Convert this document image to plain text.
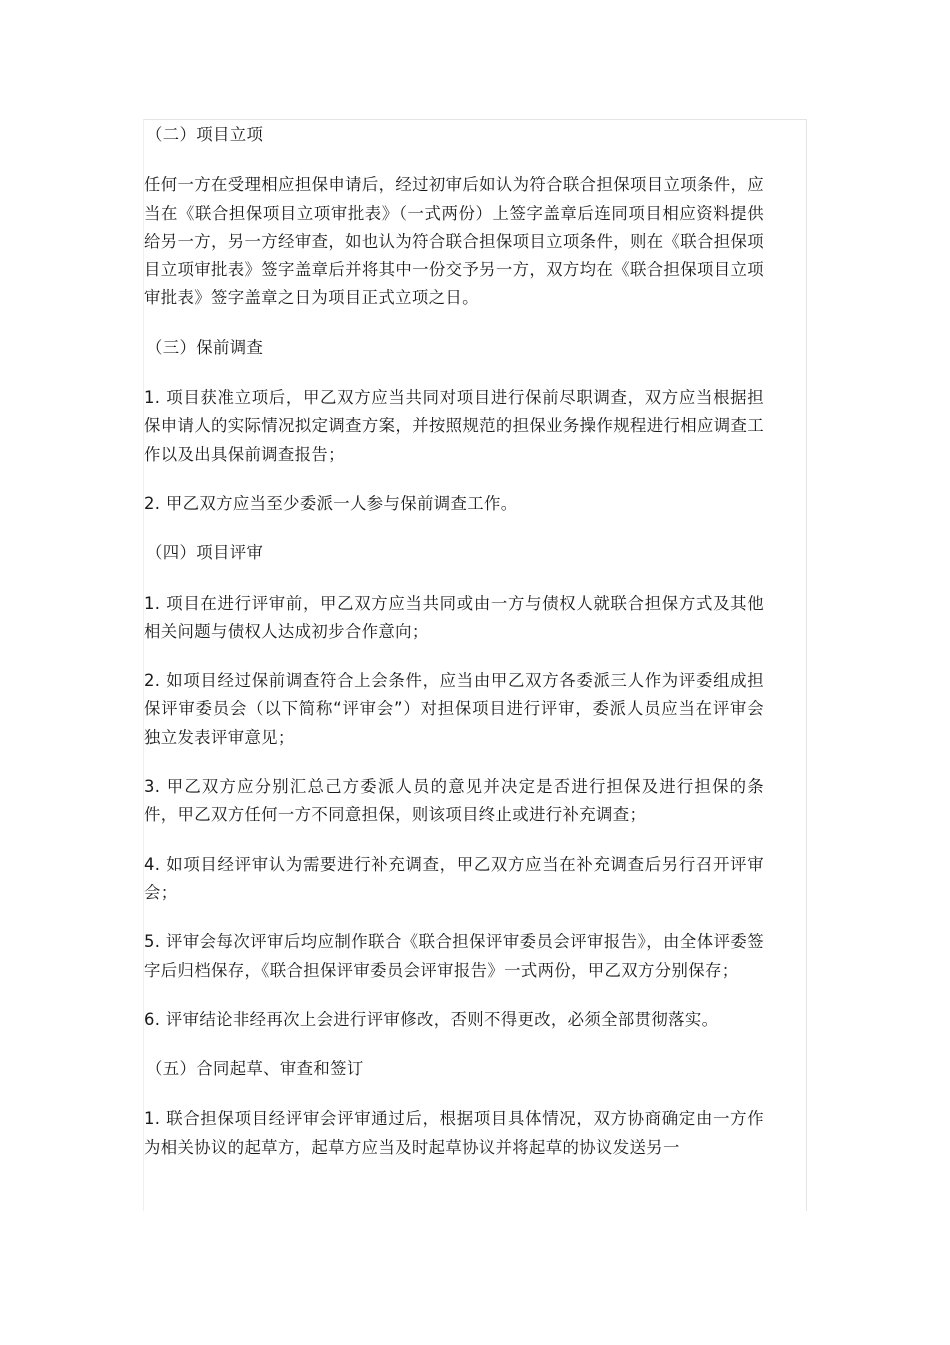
（二）项目立项

任何一方在受理相应担保申请后，经过初审后如认为符合联合担保项目立项条件，应当在《联合担保项目立项审批表》（一式两份）上签字盖章后连同项目相应资料提供给另一方，另一方经审查，如也认为符合联合担保项目立项条件，则在《联合担保项目立项审批表》签字盖章后并将其中一份交予另一方，双方均在《联合担保项目立项审批表》签字盖章之日为项目正式立项之日。

（三）保前调查

1. 项目获准立项后，甲乙双方应当共同对项目进行保前尽职调查，双方应当根据担保申请人的实际情况拟定调查方案，并按照规范的担保业务操作规程进行相应调查工作以及出具保前调查报告；

2. 甲乙双方应当至少委派一人参与保前调查工作。

（四）项目评审

1. 项目在进行评审前，甲乙双方应当共同或由一方与债权人就联合担保方式及其他相关问题与债权人达成初步合作意向；

2. 如项目经过保前调查符合上会条件，应当由甲乙双方各委派三人作为评委组成担保评审委员会（以下简称“评审会”）对担保项目进行评审，委派人员应当在评审会独立发表评审意见；

3. 甲乙双方应分别汇总己方委派人员的意见并决定是否进行担保及进行担保的条件，甲乙双方任何一方不同意担保，则该项目终止或进行补充调查；

4. 如项目经评审认为需要进行补充调查，甲乙双方应当在补充调查后另行召开评审会；

5. 评审会每次评审后均应制作联合《联合担保评审委员会评审报告》，由全体评委签字后归档保存，《联合担保评审委员会评审报告》一式两份，甲乙双方分别保存；

6. 评审结论非经再次上会进行评审修改，否则不得更改，必须全部贯彻落实。

（五）合同起草、审查和签订

1. 联合担保项目经评审会评审通过后，根据项目具体情况，双方协商确定由一方作为相关协议的起草方，起草方应当及时起草协议并将起草的协议发送另一
